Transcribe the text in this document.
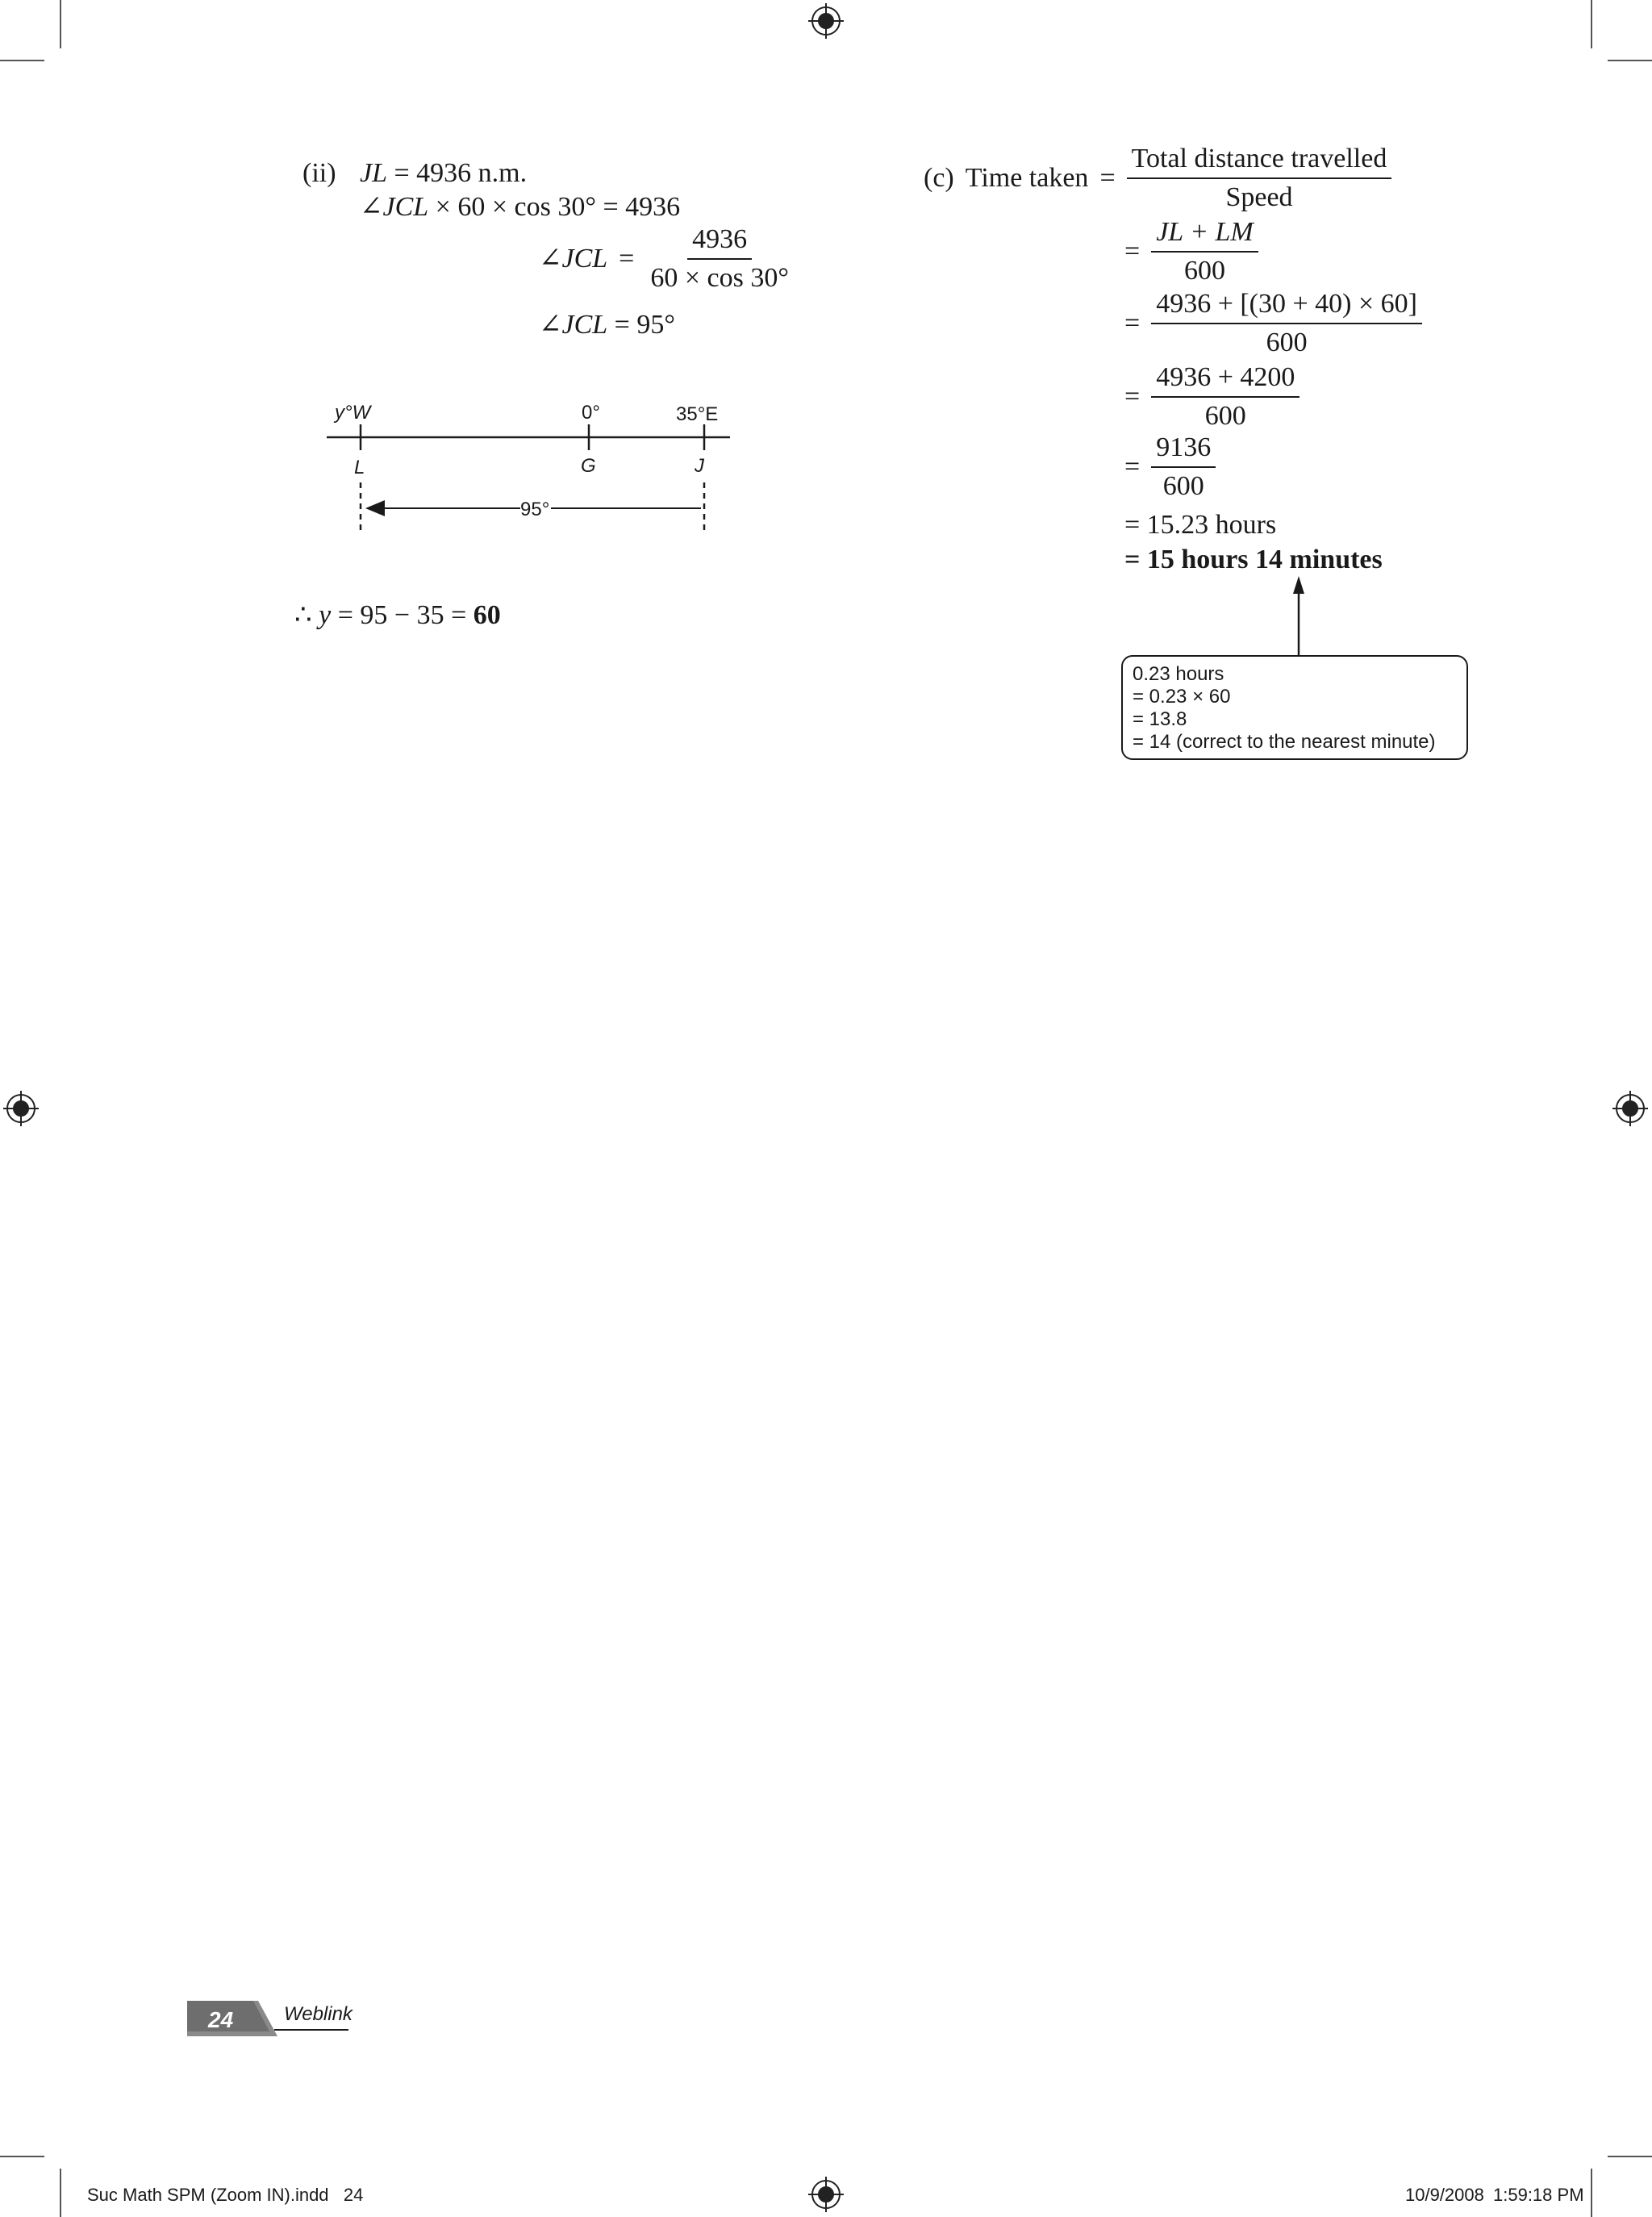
(ii) JL = 4936 n.m.
∠JCL × 60 × cos 30° = 4936
∠JCL = $\frac{4936}{60 \times \cos 30^\circ}$
∠JCL = 95°
y°W	0°	35°E
L	G	J
95°
∴ y = 95 − 35 = 60
(c) Time taken = $\frac{\text{Total distance travelled}}{\text{Speed}}$
= $\frac{JL + LM}{600}$
= $\frac{4936 + [(30 + 40) \times 60]}{600}$
= $\frac{4936 + 4200}{600}$
= $\frac{9136}{600}$
= 15.23 hours
= 15 hours 14 minutes
0.23 hours
= 0.23 × 60
= 13.8
= 14 (correct to the nearest minute)
24	Weblink
Suc Math SPM (Zoom IN).indd   24	10/9/2008 1:59:18 PM
